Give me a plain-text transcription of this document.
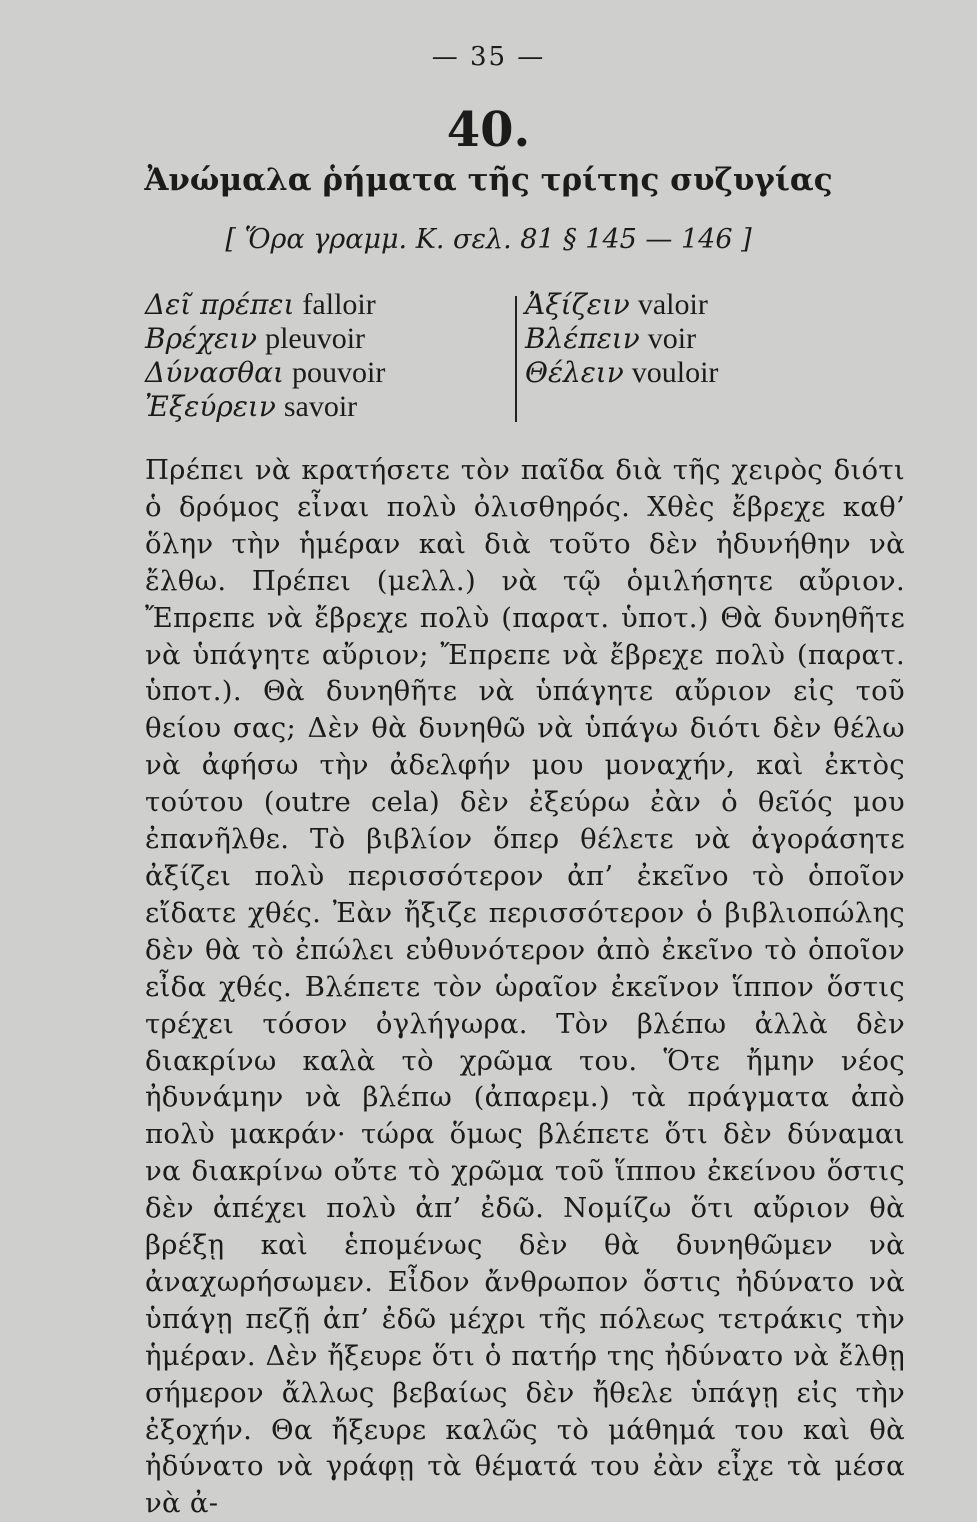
— 35 —
40.
Ἀνώμαλα ῥήματα τῆς τρίτης συζυγίας
[ Ὅρα γραμμ. Κ. σελ. 81 § 145 — 146 ]
Δεῖ πρέπει falloir
Βρέχειν pleuvoir
Δύνασθαι pouvoir
Ἐξεύρειν savoir
Ἀξίζειν valoir
Βλέπειν voir
Θέλειν vouloir

Πρέπει νὰ κρατήσετε τὸν παῖδα διὰ τῆς χειρὸς διότι ὁ δρόμος εἶναι πολὺ ὀλισθηρός. Χθὲς ἔβρεχε καθ’ ὅλην τὴν ἡμέραν καὶ διὰ τοῦτο δὲν ἠδυνήθην νὰ ἔλθω. Πρέπει (μελλ.) νὰ τῷ ὁμιλήσητε αὔριον. Ἔπρεπε νὰ ἔβρεχε πολὺ (παρατ. ὑποτ.) Θὰ δυνηθῆτε νὰ ὑπάγητε αὔριον; Ἔπρεπε νὰ ἔβρεχε πολὺ (παρατ. ὑποτ.). Θὰ δυνηθῆτε νὰ ὑπάγητε αὔριον εἰς τοῦ θείου σας; Δὲν θὰ δυνηθῶ νὰ ὑπάγω διότι δὲν θέλω νὰ ἀφήσω τὴν ἀδελφήν μου μοναχήν, καὶ ἐκτὸς τούτου (outre cela) δὲν ἐξεύρω ἐὰν ὁ θεῖός μου ἐπανῆλθε. Τὸ βιβλίον ὅπερ θέλετε νὰ ἀγοράσητε ἀξίζει πολὺ περισσότερον ἀπ’ ἐκεῖνο τὸ ὁποῖον εἴδατε χθές. Ἐὰν ἤξιζε περισσότερον ὁ βιβλιοπώλης δὲν θὰ τὸ ἐπώλει εὐθυνότερον ἀπὸ ἐκεῖνο τὸ ὁποῖον εἶδα χθές. Βλέπετε τὸν ὡραῖον ἐκεῖνον ἵππον ὅστις τρέχει τόσον ὀγλήγωρα. Τὸν βλέπω ἀλλὰ δὲν διακρίνω καλὰ τὸ χρῶμα του. Ὅτε ἤμην νέος ἠδυνάμην νὰ βλέπω (ἀπαρεμ.) τὰ πράγματα ἀπὸ πολὺ μακράν· τώρα ὅμως βλέπετε ὅτι δὲν δύναμαι να διακρίνω οὔτε τὸ χρῶμα τοῦ ἵππου ἐκείνου ὅστις δὲν ἀπέχει πολὺ ἀπ’ ἐδῶ. Νομίζω ὅτι αὔριον θὰ βρέξῃ καὶ ἑπομένως δὲν θὰ δυνηθῶμεν νὰ ἀναχωρήσωμεν. Εἶδον ἄνθρωπον ὅστις ἠδύνατο νὰ ὑπάγῃ πεζῇ ἀπ’ ἐδῶ μέχρι τῆς πόλεως τετράκις τὴν ἡμέραν. Δὲν ἤξευρε ὅτι ὁ πατήρ της ἠδύνατο νὰ ἔλθῃ σήμερον ἄλλως βεβαίως δὲν ἤθελε ὑπάγῃ εἰς τὴν ἐξοχήν. Θα ἤξευρε καλῶς τὸ μάθημά του καὶ θὰ ἠδύνατο νὰ γράφῃ τὰ θέματά του ἐὰν εἶχε τὰ μέσα νὰ ἀ-
